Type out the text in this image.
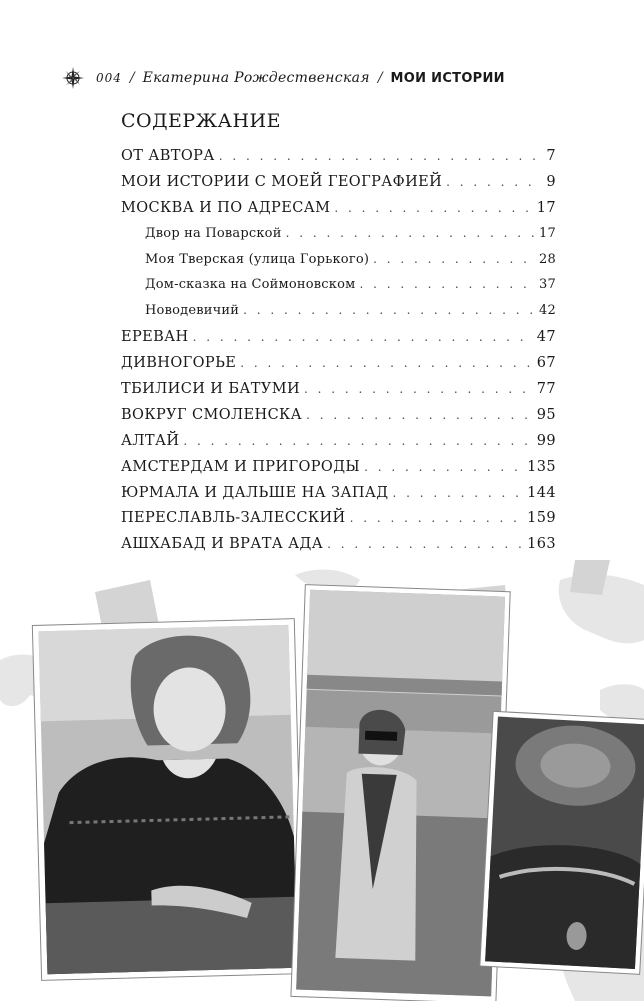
004 / Екатерина Рождественская / МОИ ИСТОРИИ
СОДЕРЖАНИЕ
ОТ АВТОРА . . .	7
МОИ ИСТОРИИ С МОЕЙ ГЕОГРАФИЕЙ . . .	9
МОСКВА И ПО АДРЕСАМ . . .	17
Двор на Поварской . . .	17
Моя Тверская (улица Горького) . . .	28
Дом-сказка на Соймоновском . . .	37
Новодевичий . . .	42
ЕРЕВАН . . .	47
ДИВНОГОРЬЕ . . .	67
ТБИЛИСИ И БАТУМИ . . .	77
ВОКРУГ СМОЛЕНСКА . . .	95
АЛТАЙ . . .	99
АМСТЕРДАМ И ПРИГОРОДЫ . . .	135
ЮРМАЛА И ДАЛЬШЕ НА ЗАПАД . . .	144
ПЕРЕСЛАВЛЬ-ЗАЛЕССКИЙ . . .	159
АШХАБАД И ВРАТА АДА . . .	163
